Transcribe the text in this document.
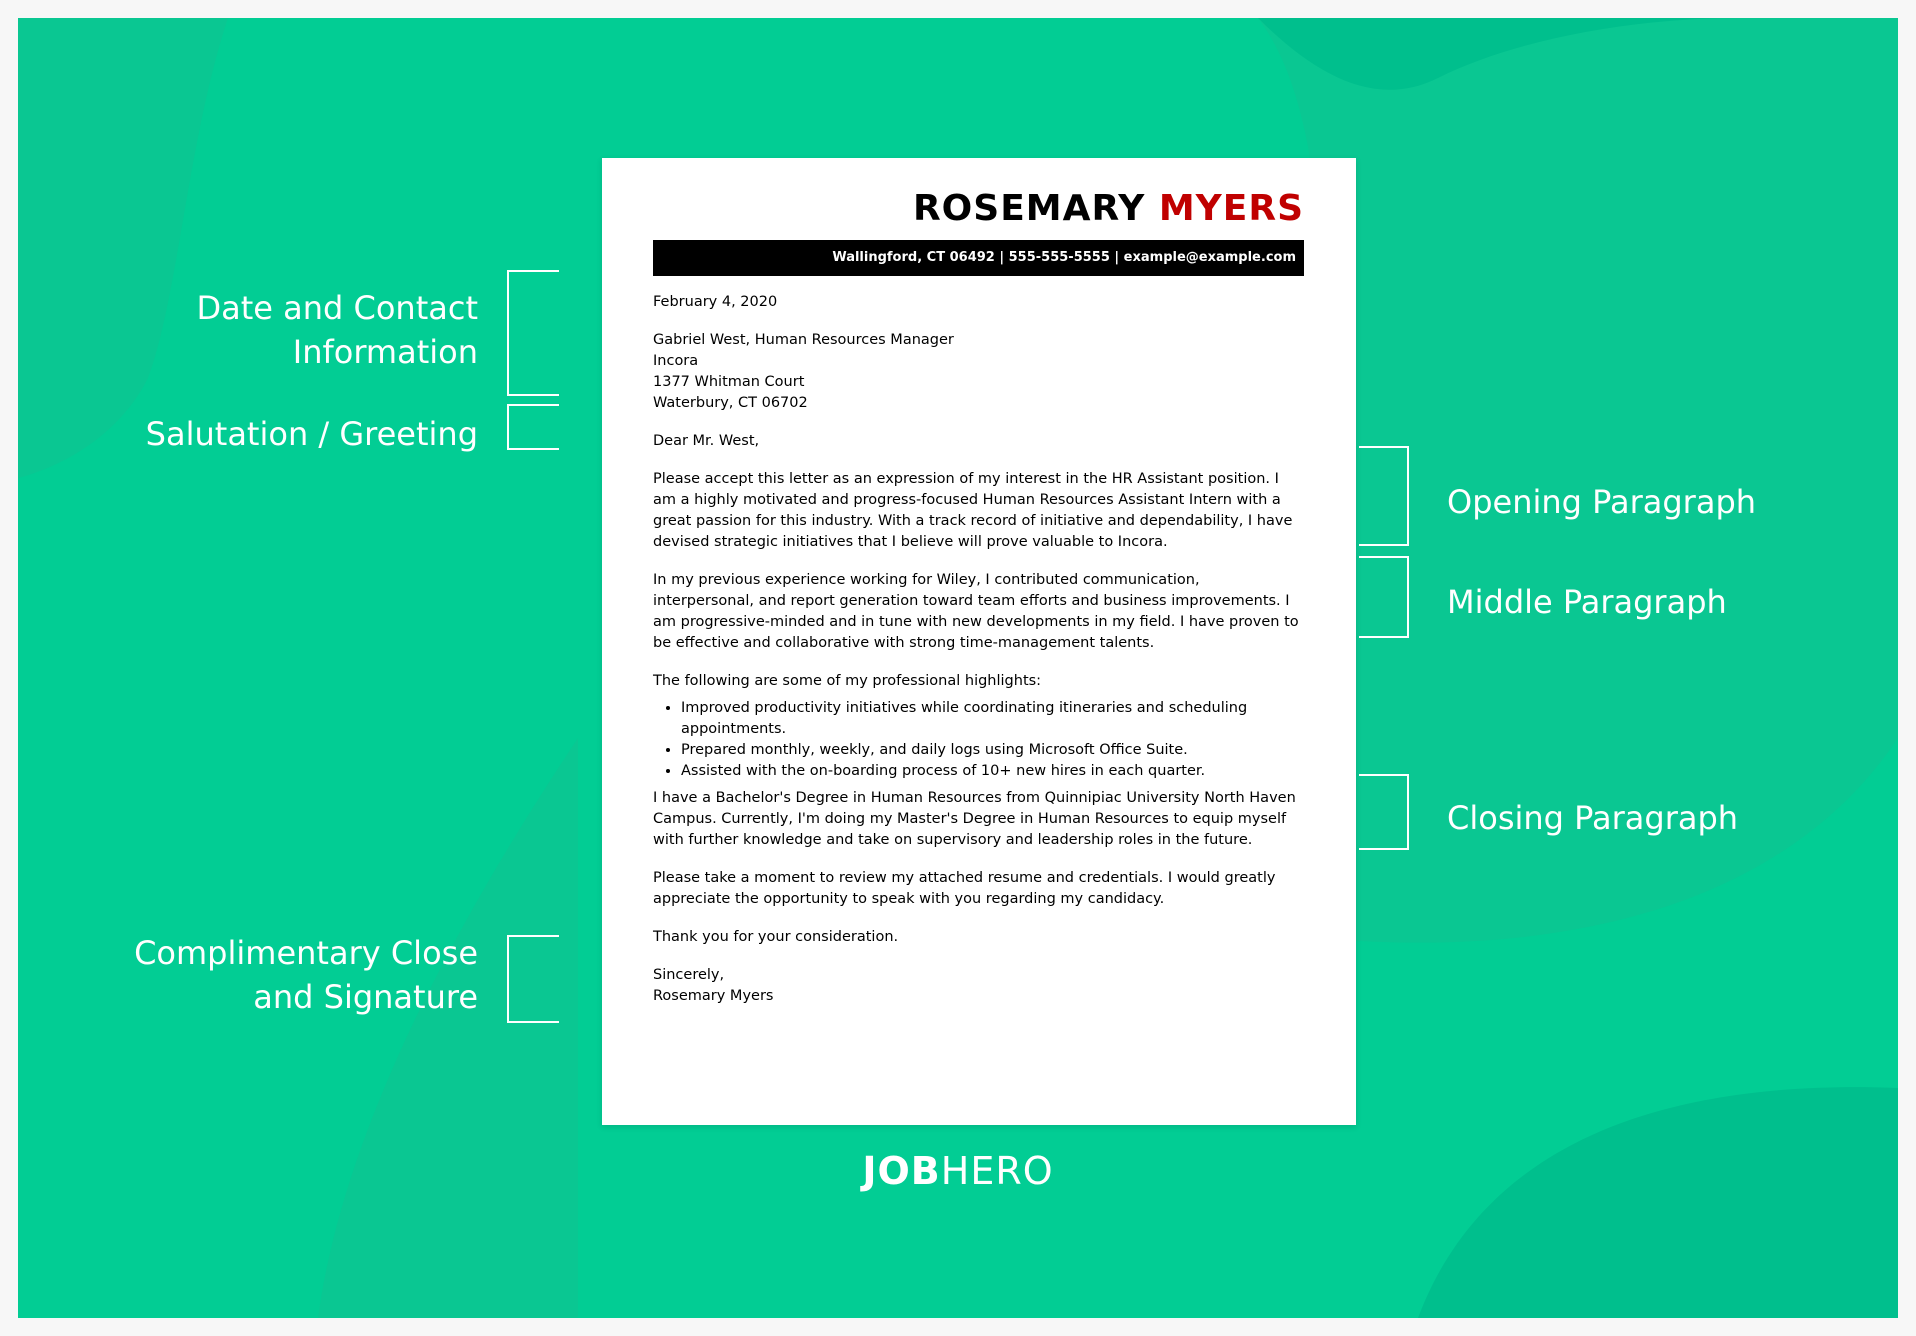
Date and Contact
Information
Salutation / Greeting
Complimentary Close
and Signature
Opening Paragraph
Middle Paragraph
Closing Paragraph
ROSEMARY MYERS
Wallingford, CT 06492 | 555-555-5555 | example@example.com

February 4, 2020

Gabriel West, Human Resources Manager

Incora

1377 Whitman Court

Waterbury, CT 06702

Dear Mr. West,

Please accept this letter as an expression of my interest in the HR Assistant position. I am a highly motivated and progress-focused Human Resources Assistant Intern with a great passion for this industry. With a track record of initiative and dependability, I have devised strategic initiatives that I believe will prove valuable to Incora.

In my previous experience working for Wiley, I contributed communication, interpersonal, and report generation toward team efforts and business improvements. I am progressive-minded and in tune with new developments in my field. I have proven to be effective and collaborative with strong time-management talents.

The following are some of my professional highlights:

• Improved productivity initiatives while coordinating itineraries and scheduling appointments.
• Prepared monthly, weekly, and daily logs using Microsoft Office Suite.
• Assisted with the on-boarding process of 10+ new hires in each quarter.

I have a Bachelor's Degree in Human Resources from Quinnipiac University North Haven Campus. Currently, I'm doing my Master's Degree in Human Resources to equip myself with further knowledge and take on supervisory and leadership roles in the future.

Please take a moment to review my attached resume and credentials. I would greatly appreciate the opportunity to speak with you regarding my candidacy.

Thank you for your consideration.

Sincerely,

Rosemary Myers

JOBHERO
